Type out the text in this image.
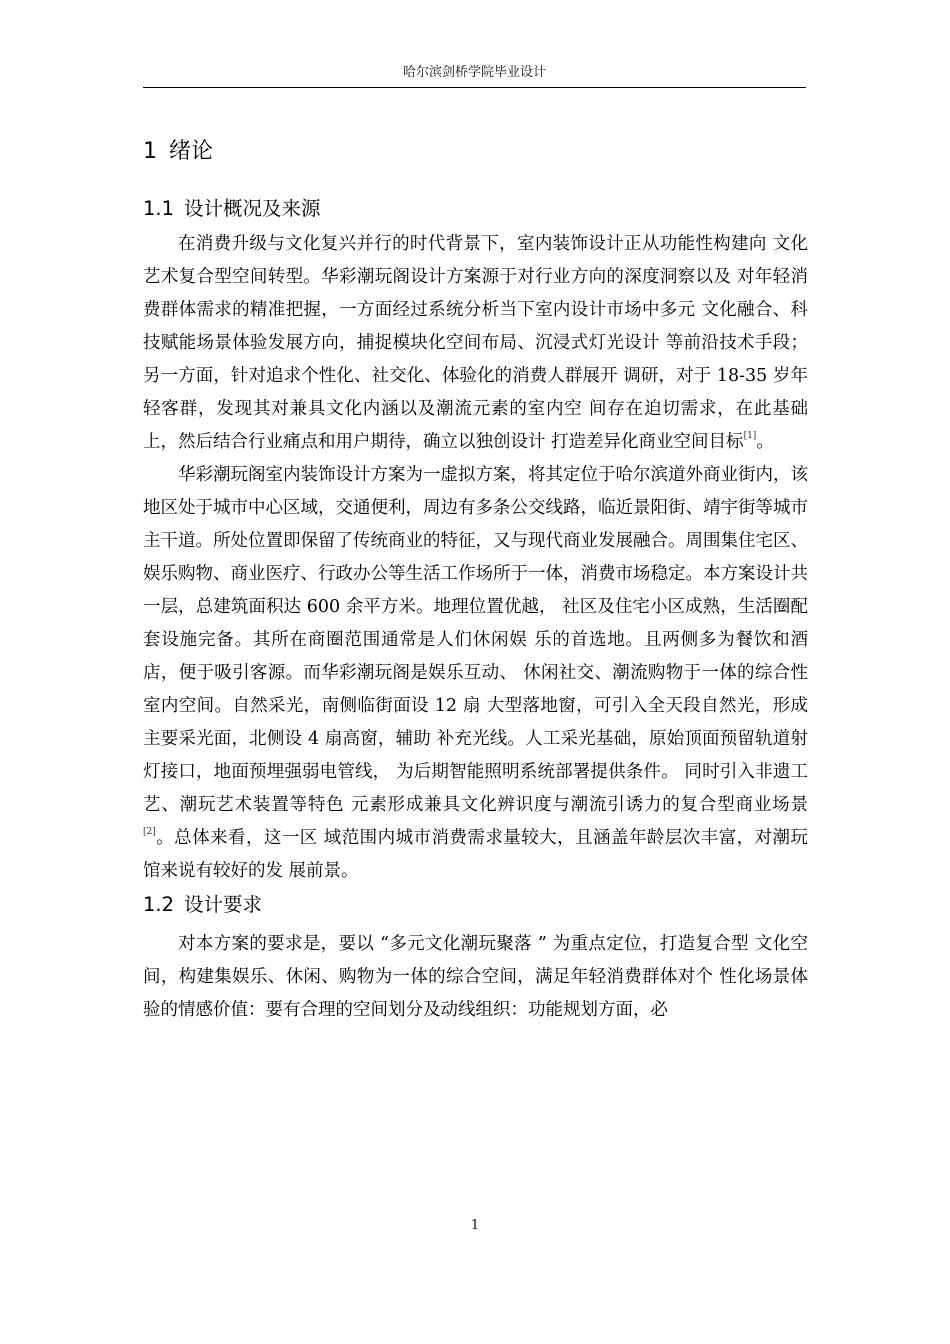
哈尔滨剑桥学院毕业设计
1 绪论
1.1 设计概况及来源

在消费升级与文化复兴并行的时代背景下，室内装饰设计正从功能性构建向 文化艺术复合型空间转型。华彩潮玩阁设计方案源于对行业方向的深度洞察以及 对年轻消费群体需求的精准把握，一方面经过系统分析当下室内设计市场中多元 文化融合、科技赋能场景体验发展方向，捕捉模块化空间布局、沉浸式灯光设计 等前沿技术手段；另一方面，针对追求个性化、社交化、体验化的消费人群展开 调研，对于 18-35 岁年轻客群，发现其对兼具文化内涵以及潮流元素的室内空 间存在迫切需求，在此基础上，然后结合行业痛点和用户期待，确立以独创设计 打造差异化商业空间目标[1]。

华彩潮玩阁室内装饰设计方案为一虚拟方案，将其定位于哈尔滨道外商业街内，该地区处于城市中心区域，交通便利，周边有多条公交线路，临近景阳街、靖宇街等城市主干道。所处位置即保留了传统商业的特征，又与现代商业发展融合。周围集住宅区、娱乐购物、商业医疗、行政办公等生活工作场所于一体，消费市场稳定。本方案设计共一层，总建筑面积达 600 余平方米。地理位置优越， 社区及住宅小区成熟，生活圈配套设施完备。其所在商圈范围通常是人们休闲娱 乐的首选地。且两侧多为餐饮和酒店，便于吸引客源。而华彩潮玩阁是娱乐互动、 休闲社交、潮流购物于一体的综合性室内空间。自然采光，南侧临街面设 12 扇 大型落地窗，可引入全天段自然光，形成主要采光面，北侧设 4 扇高窗，辅助 补充光线。人工采光基础，原始顶面预留轨道射灯接口，地面预埋强弱电管线， 为后期智能照明系统部署提供条件。 同时引入非遗工艺、潮玩艺术装置等特色 元素形成兼具文化辨识度与潮流引诱力的复合型商业场景[2]。总体来看，这一区 域范围内城市消费需求量较大，且涵盖年龄层次丰富，对潮玩馆来说有较好的发 展前景。

1.2 设计要求

对本方案的要求是，要以 “多元文化潮玩聚落 ” 为重点定位，打造复合型 文化空间，构建集娱乐、休闲、购物为一体的综合空间，满足年轻消费群体对个 性化场景体验的情感价值：要有合理的空间划分及动线组织：功能规划方面，必

1
